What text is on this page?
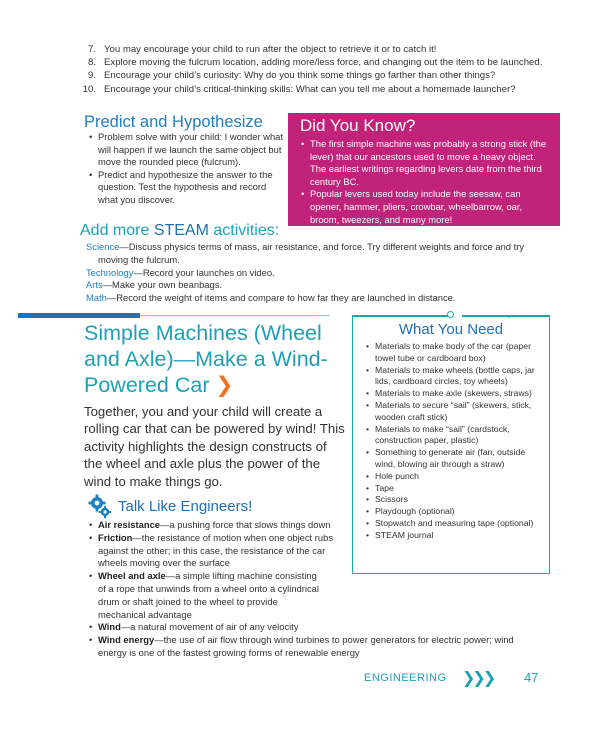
7. You may encourage your child to run after the object to retrieve it or to catch it!
8. Explore moving the fulcrum location, adding more/less force, and changing out the item to be launched.
9. Encourage your child’s curiosity: Why do you think some things go farther than other things?
10. Encourage your child’s critical-thinking skills: What can you tell me about a homemade launcher?
Predict and Hypothesize
• Problem solve with your child: I wonder what will happen if we launch the same object but move the rounded piece (fulcrum).
• Predict and hypothesize the answer to the question. Test the hypothesis and record what you discover.
Did You Know?
• The first simple machine was probably a strong stick (the lever) that our ancestors used to move a heavy object. The earliest writings regarding levers date from the third century BC.
• Popular levers used today include the seesaw, can opener, hammer, pliers, crowbar, wheelbarrow, oar, broom, tweezers, and many more!
Add more STEAM activities:

Science—Discuss physics terms of mass, air resistance, and force. Try different weights and force and try

moving the fulcrum.

Technology—Record your launches on video.

Arts—Make your own beanbags.

Math—Record the weight of items and compare to how far they are launched in distance.

Simple Machines (Wheel and Axle)—Make a Wind-Powered Car ❯
Together, you and your child will create a rolling car that can be powered by wind! This activity highlights the design constructs of the wheel and axle plus the power of the wind to make things go.
←
What You Need
• Materials to make body of the car (paper towel tube or cardboard box)
• Materials to make wheels (bottle caps, jar lids, cardboard circles, toy wheels)
• Materials to make axle (skewers, straws)
• Materials to secure “sail” (skewers, stick, wooden craft stick)
• Materials to make “sail” (cardstock, construction paper, plastic)
• Something to generate air (fan, outside wind, blowing air through a straw)
• Hole punch
• Tape
• Scissors
• Playdough (optional)
• Stopwatch and measuring tape (optional)
• STEAM journal
Talk Like Engineers!
• Air resistance—a pushing force that slows things down
• Friction—the resistance of motion when one object rubs against the other; in this case, the resistance of the car wheels moving over the surface
• Wheel and axle—a simple lifting machine consisting of a rope that unwinds from a wheel onto a cylindrical drum or shaft joined to the wheel to provide mechanical advantage
• Wind—a natural movement of air of any velocity
• Wind energy—the use of air flow through wind turbines to power generators for electric power; wind energy is one of the fastest growing forms of renewable energy
ENGINEERING ❯❯❯ 47
